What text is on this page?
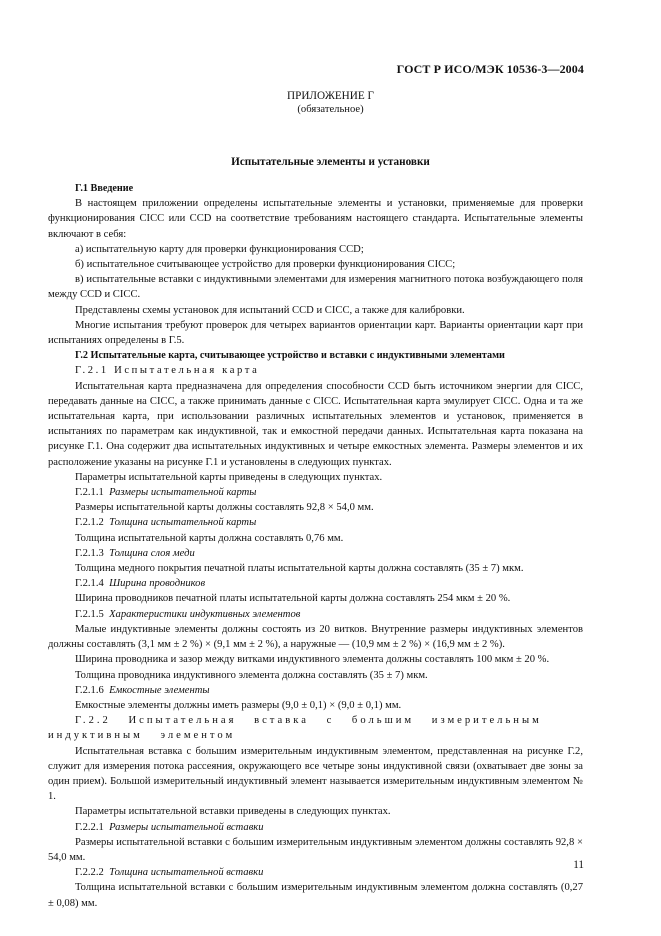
ГОСТ Р ИСО/МЭК 10536-3—2004
ПРИЛОЖЕНИЕ Г
(обязательное)
Испытательные элементы и установки

Г.1 Введение

В настоящем приложении определены испытательные элементы и установки, применяемые для проверки функционирования CICC или CCD на соответствие требованиям настоящего стандарта. Испытательные элементы включают в себя:

а) испытательную карту для проверки функционирования CCD;

б) испытательное считывающее устройство для проверки функционирования CICC;

в) испытательные вставки с индуктивными элементами для измерения магнитного потока возбуждающего поля между CCD и CICC.

Представлены схемы установок для испытаний CCD и CICC, а также для калибровки.

Многие испытания требуют проверок для четырех вариантов ориентации карт. Варианты ориентации карт при испытаниях определены в Г.5.

Г.2 Испытательные карта, считывающее устройство и вставки с индуктивными элементами

Г.2.1 Испытательная карта

Испытательная карта предназначена для определения способности CCD быть источником энергии для CICC, передавать данные на CICC, а также принимать данные с CICC. Испытательная карта эмулирует CICC. Одна и та же испытательная карта, при использовании различных испытательных элементов и установок, применяется в испытаниях по параметрам как индуктивной, так и емкостной передачи данных. Испытательная карта показана на рисунке Г.1. Она содержит два испытательных индуктивных и четыре емкостных элемента. Размеры элементов и их расположение указаны на рисунке Г.1 и установлены в следующих пунктах.

Параметры испытательной карты приведены в следующих пунктах.

Г.2.1.1 Размеры испытательной карты

Размеры испытательной карты должны составлять 92,8 × 54,0 мм.

Г.2.1.2 Толщина испытательной карты

Толщина испытательной карты должна составлять 0,76 мм.

Г.2.1.3 Толщина слоя меди

Толщина медного покрытия печатной платы испытательной карты должна составлять (35 ± 7) мкм.

Г.2.1.4 Ширина проводников

Ширина проводников печатной платы испытательной карты должна составлять 254 мкм ± 20 %.

Г.2.1.5 Характеристики индуктивных элементов

Малые индуктивные элементы должны состоять из 20 витков. Внутренние размеры индуктивных элементов должны составлять (3,1 мм ± 2 %) × (9,1 мм ± 2 %), а наружные — (10,9 мм ± 2 %) × (16,9 мм ± 2 %).

Ширина проводника и зазор между витками индуктивного элемента должны составлять 100 мкм ± 20 %.

Толщина проводника индуктивного элемента должна составлять (35 ± 7) мкм.

Г.2.1.6 Емкостные элементы

Емкостные элементы должны иметь размеры (9,0 ± 0,1) × (9,0 ± 0,1) мм.

Г.2.2 Испытательная вставка с большим измерительным индуктивным элементом

Испытательная вставка с большим измерительным индуктивным элементом, представленная на рисунке Г.2, служит для измерения потока рассеяния, окружающего все четыре зоны индуктивной связи (охватывает две зоны за один прием). Большой измерительный индуктивный элемент называется измерительным индуктивным элементом № 1.

Параметры испытательной вставки приведены в следующих пунктах.

Г.2.2.1 Размеры испытательной вставки

Размеры испытательной вставки с большим измерительным индуктивным элементом должны составлять 92,8 × 54,0 мм.

Г.2.2.2 Толщина испытательной вставки

Толщина испытательной вставки с большим измерительным индуктивным элементом должна составлять (0,27 ± 0,08) мм.

11
